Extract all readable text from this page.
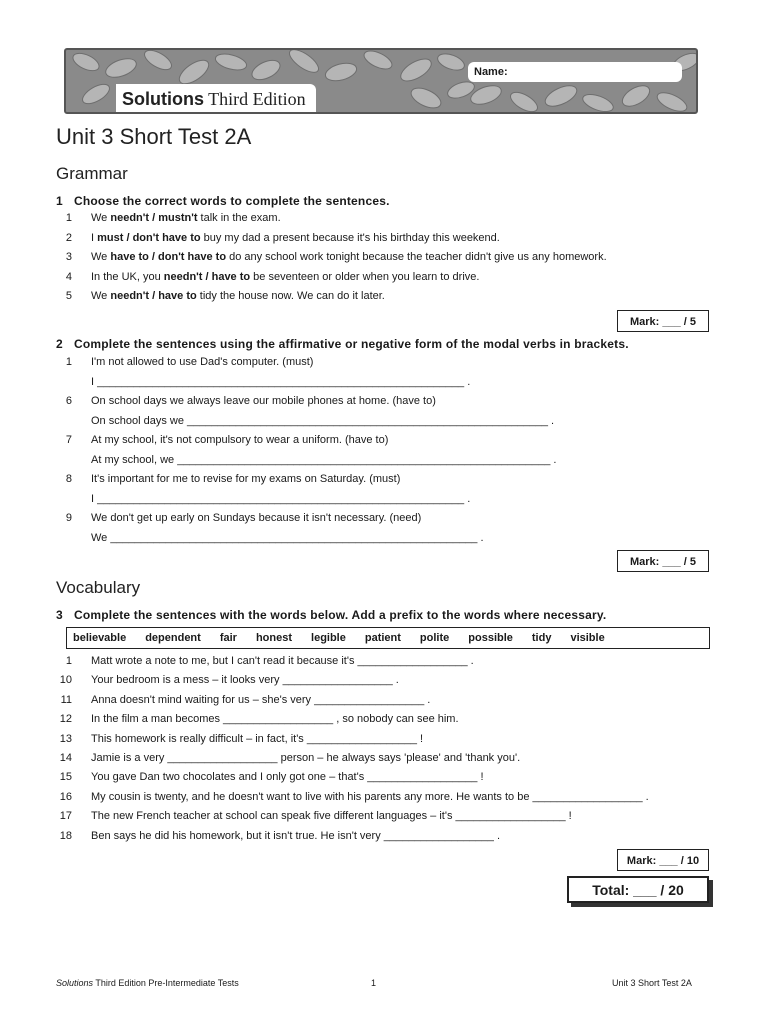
Solutions Third Edition
Name:
Unit 3 Short Test 2A
Grammar
1 Choose the correct words to complete the sentences.
1 We needn't / mustn't talk in the exam.
2 I must / don't have to buy my dad a present because it's his birthday this weekend.
3 We have to / don't have to do any school work tonight because the teacher didn't give us any homework.
4 In the UK, you needn't / have to be seventeen or older when you learn to drive.
5 We needn't / have to tidy the house now. We can do it later.
Mark: ___ / 5
2 Complete the sentences using the affirmative or negative form of the modal verbs in brackets.
1 I'm not allowed to use Dad's computer. (must)
I ____________________________________________________________ .
6 On school days we always leave our mobile phones at home. (have to)
On school days we ___________________________________________________________ .
7 At my school, it's not compulsory to wear a uniform. (have to)
At my school, we _____________________________________________________________ .
8 It's important for me to revise for my exams on Saturday. (must)
I ____________________________________________________________ .
9 We don't get up early on Sundays because it isn't necessary. (need)
We ____________________________________________________________ .
Mark: ___ / 5
Vocabulary
3 Complete the sentences with the words below. Add a prefix to the words where necessary.
believable dependent fair honest legible patient polite possible tidy visible
1 Matt wrote a note to me, but I can't read it because it's __________________ .
10 Your bedroom is a mess – it looks very __________________ .
11 Anna doesn't mind waiting for us – she's very __________________ .
12 In the film a man becomes __________________ , so nobody can see him.
13 This homework is really difficult – in fact, it's __________________ !
14 Jamie is a very __________________ person – he always says 'please' and 'thank you'.
15 You gave Dan two chocolates and I only got one – that's __________________ !
16 My cousin is twenty, and he doesn't want to live with his parents any more. He wants to be __________________ .
17 The new French teacher at school can speak five different languages – it's __________________ !
18 Ben says he did his homework, but it isn't true. He isn't very __________________ .
Mark: ___ / 10
Total: ___ / 20
Solutions Third Edition Pre-Intermediate Tests	1	Unit 3 Short Test 2A
